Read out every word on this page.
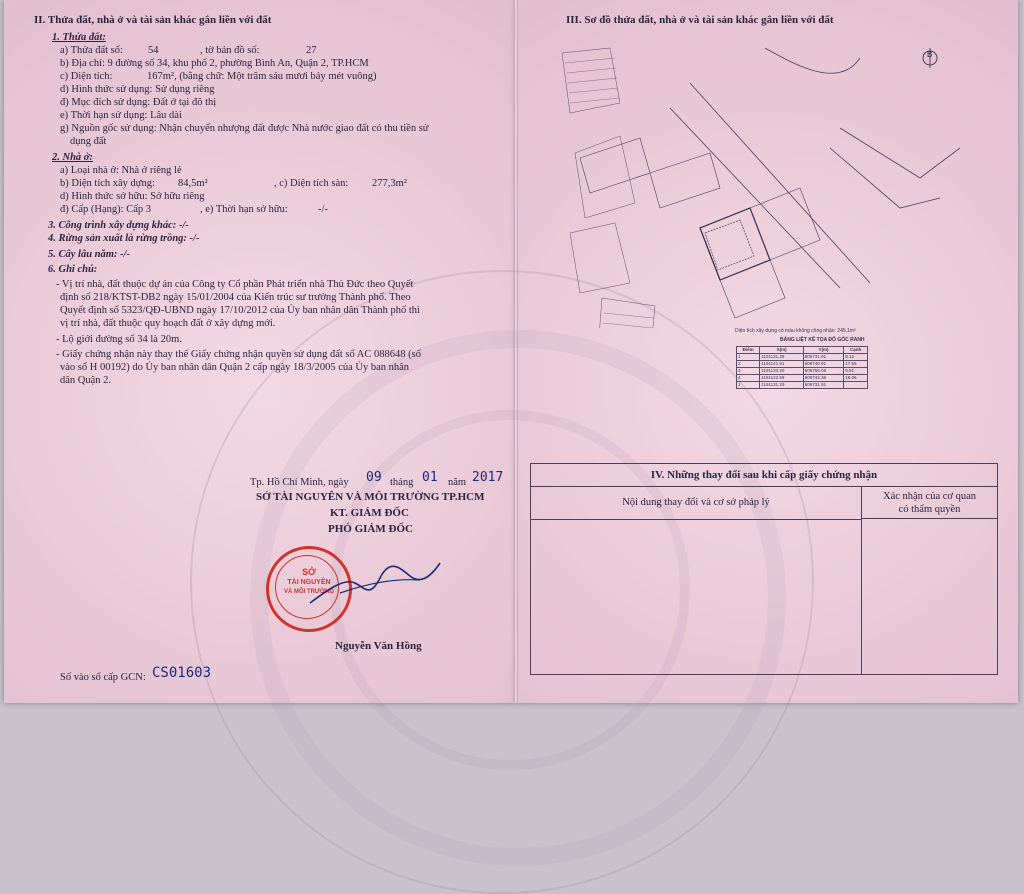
II. Thửa đất, nhà ở và tài sản khác gắn liền với đất
1. Thửa đất:
a) Thửa đất số: 54	, tờ bản đồ số:	27
b) Địa chỉ: 9 đường số 34, khu phố 2, phường Bình An, Quận 2, TP.HCM
c) Diện tích:	167m², (bằng chữ: Một trăm sáu mươi bảy mét vuông)
d) Hình thức sử dụng: Sử dụng riêng
đ) Mục đích sử dụng: Đất ở tại đô thị
e) Thời hạn sử dụng: Lâu dài
g) Nguồn gốc sử dụng: Nhận chuyển nhượng đất được Nhà nước giao đất có thu tiền sử
dụng đất
2. Nhà ở:
a) Loại nhà ở: Nhà ở riêng lẻ
b) Diện tích xây dựng: 84,5m²	, c) Diện tích sàn: 277,3m²
d) Hình thức sở hữu: Sở hữu riêng
đ) Cấp (Hạng): Cấp 3	, e) Thời hạn sở hữu:	-/-
3. Công trình xây dựng khác: -/-
4. Rừng sản xuất là rừng trồng: -/-
5. Cây lâu năm: -/-
6. Ghi chú:
- Vị trí nhà, đất thuộc dự án của Công ty Cổ phần Phát triển nhà Thủ Đức theo Quyết
định số 218/KTST-DB2 ngày 15/01/2004 của Kiến trúc sư trưởng Thành phố. Theo
Quyết định số 5323/QĐ-UBND ngày 17/10/2012 của Ủy ban nhân dân Thành phố thì
vị trí nhà, đất thuộc quy hoạch đất ở xây dựng mới.
- Lộ giới đường số 34 là 20m.
- Giấy chứng nhận này thay thế Giấy chứng nhận quyền sử dụng đất số AC 088648 (số
vào sổ H 00192) do Ủy ban nhân dân Quận 2 cấp ngày 18/3/2005 của Ủy ban nhân
dân Quận 2.
Tp. Hồ Chí Minh, ngày 09 tháng 01 năm 2017
SỞ TÀI NGUYÊN VÀ MÔI TRƯỜNG TP.HCM
KT. GIÁM ĐỐC
PHÓ GIÁM ĐỐC
SỞ
TÀI NGUYÊN
VÀ MÔI TRƯỜNG
Nguyễn Văn Hồng
Số vào sổ cấp GCN: CS01603
III. Sơ đồ thửa đất, nhà ở và tài sản khác gắn liền với đất
B
Diện tích xây dựng có màu không công nhận: 245,1m²
BẢNG LIỆT KÊ TỌA ĐỘ GÓC RANH
Điểm	X(m)	Y(m)	Cạnh
1	1191131.29	606731.91	9.12
2	1191141.91	606740.91	17.56
3	1191133.20	606756.08	9.51
4	1191122.59	606742.36	18.06
1	1191131.29	606731.91	
IV. Những thay đổi sau khi cấp giấy chứng nhận
Nội dung thay đổi và cơ sở pháp lý
Xác nhận của cơ quan
có thẩm quyền
